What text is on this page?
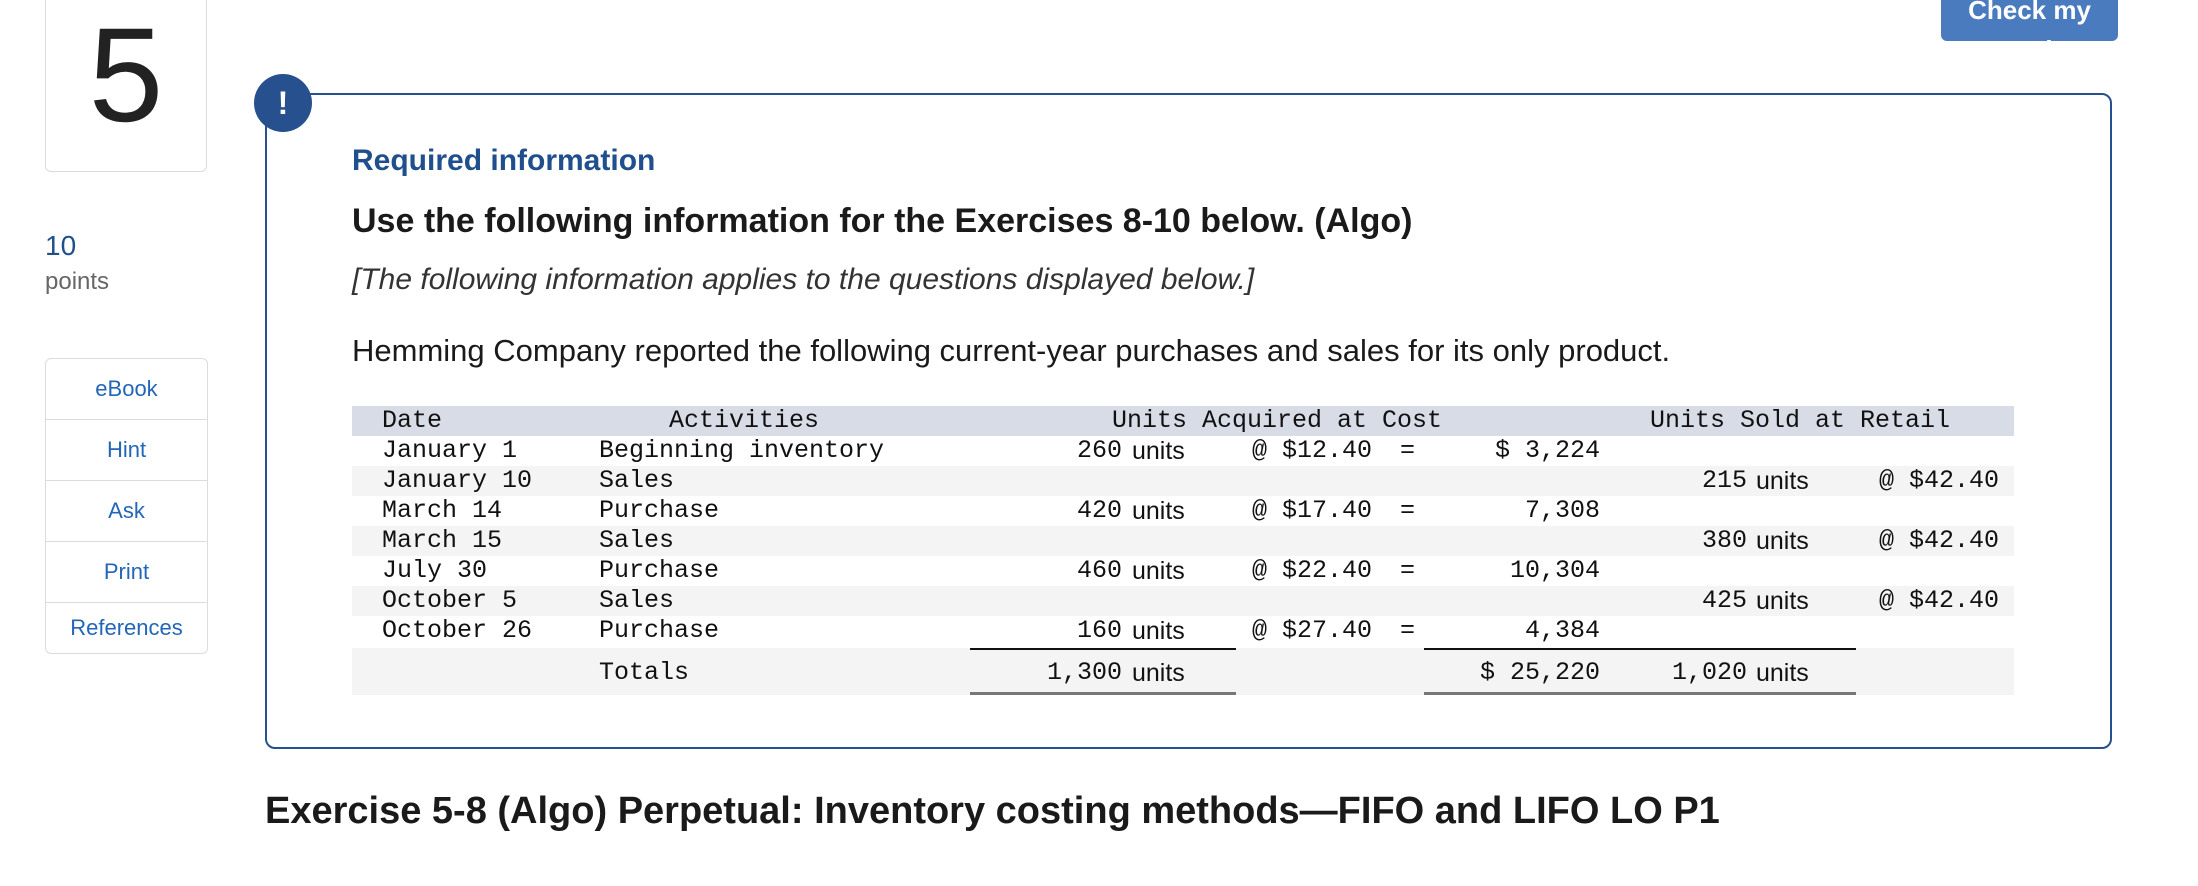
5
10
points
eBook
Hint
Ask
Print
References
Check my work
!
Required information
Use the following information for the Exercises 8-10 below. (Algo)
[The following information applies to the questions displayed below.]
Hemming Company reported the following current-year purchases and sales for its only product.
Date	Activities	Units Acquired at Cost	Units Sold at Retail
January 1	Beginning inventory	260 units	@ $12.40 =	$ 3,224
January 10	Sales	215 units	@ $42.40
March 14	Purchase	420 units	@ $17.40 =	7,308
March 15	Sales	380 units	@ $42.40
July 30	Purchase	460 units	@ $22.40 =	10,304
October 5	Sales	425 units	@ $42.40
October 26	Purchase	160 units	@ $27.40 =	4,384
Totals	1,300 units	$ 25,220	1,020 units
Exercise 5-8 (Algo) Perpetual: Inventory costing methods—FIFO and LIFO LO P1
